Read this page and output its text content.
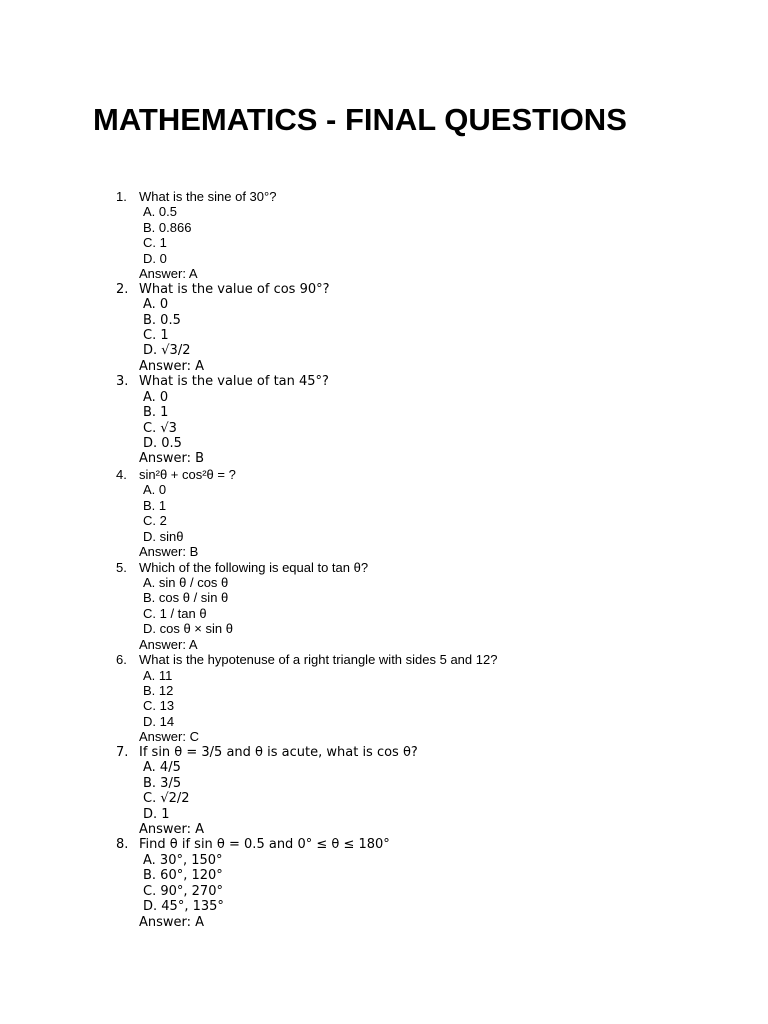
MATHEMATICS - FINAL QUESTIONS
1. What is the sine of 30°?
A. 0.5
B. 0.866
C. 1
D. 0
Answer: A
2. What is the value of cos 90°?
A. 0
B. 0.5
C. 1
D. √3/2
Answer: A
3. What is the value of tan 45°?
A. 0
B. 1
C. √3
D. 0.5
Answer: B
4. sin²θ + cos²θ = ?
A. 0
B. 1
C. 2
D. sinθ
Answer: B
5. Which of the following is equal to tan θ?
A. sin θ / cos θ
B. cos θ / sin θ
C. 1 / tan θ
D. cos θ × sin θ
Answer: A
6. What is the hypotenuse of a right triangle with sides 5 and 12?
A. 11
B. 12
C. 13
D. 14
Answer: C
7. If sin θ = 3/5 and θ is acute, what is cos θ?
A. 4/5
B. 3/5
C. √2/2
D. 1
Answer: A
8. Find θ if sin θ = 0.5 and 0° ≤ θ ≤ 180°
A. 30°, 150°
B. 60°, 120°
C. 90°, 270°
D. 45°, 135°
Answer: A
